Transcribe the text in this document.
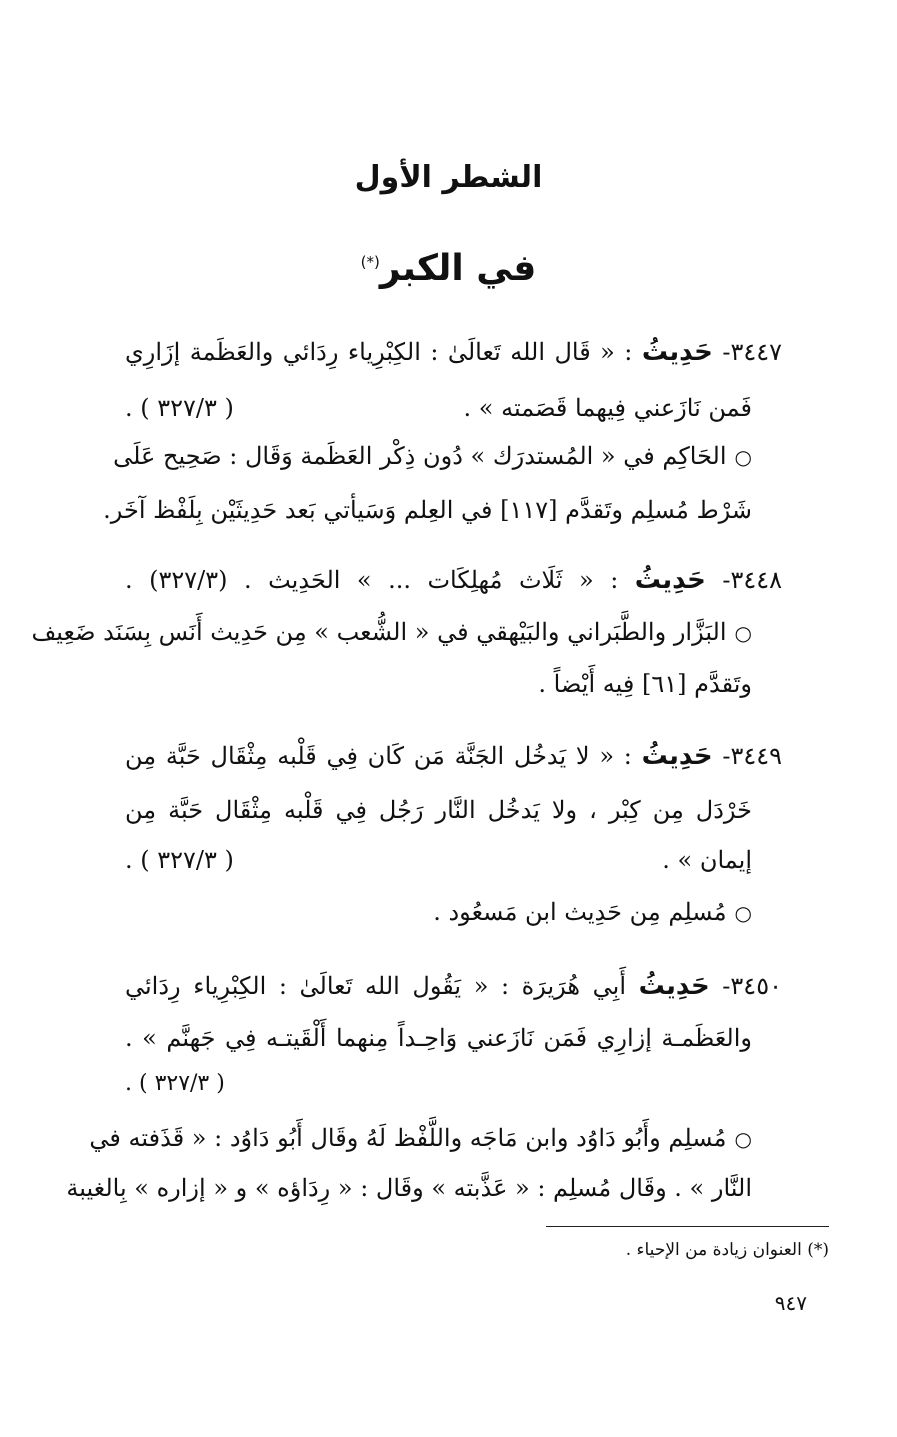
الشطر الأول
في الكبر(*)
٣٤٤٧- حَدِيثُ : « قَال الله تَعالَىٰ : الكِبْرِياء رِدَائي والعَظَمة إزَارِي
فَمن نَازَعني فِيهما قَصَمته » .
( ٣٢٧/٣ ) .
○الحَاكِم في « المُستدرَك » دُون ذِكْر العَظَمة وَقَال : صَحِيح عَلَى
شَرْط مُسلِم وتَقدَّم [١١٧] في العِلم وَسَيأتي بَعد حَدِيثَيْن بِلَفْظ آخَر.
٣٤٤٨- حَدِيثُ : « ثَلَاث مُهلِكَات ... » الحَدِيث . (٣٢٧/٣) .
○البَزَّار والطَّبَراني والبَيْهقي في « الشُّعب » مِن حَدِيث أَنَس بِسَنَد ضَعِيف
وتَقدَّم [٦١] فِيه أَيْضاً .
٣٤٤٩- حَدِيثُ : « لا يَدخُل الجَنَّة مَن كَان فِي قَلْبه مِثْقَال حَبَّة مِن
خَرْدَل مِن كِبْر ، ولا يَدخُل النَّار رَجُل فِي قَلْبه مِثْقَال حَبَّة مِن
إيمان » .
( ٣٢٧/٣ ) .
○مُسلِم مِن حَدِيث ابن مَسعُود .
٣٤٥٠- حَدِيثُ أَبِي هُرَيرَة : « يَقُول الله تَعالَىٰ : الكِبْرِياء رِدَائي
والعَظَمـة إزارِي فَمَن نَازَعني وَاحِـداً مِنهما أَلْقَيتـه فِي جَهنَّم » .
( ٣٢٧/٣ ) .
○مُسلِم وأَبُو دَاوُد وابن مَاجَه واللَّفْظ لَهُ وقَال أَبُو دَاوُد : « قَذَفته في
النَّار » . وقَال مُسلِم : « عَذَّبته » وقَال : « رِدَاؤه » و « إزاره » بِالغيبة
(*) العنوان زيادة من الإحياء .
٩٤٧
